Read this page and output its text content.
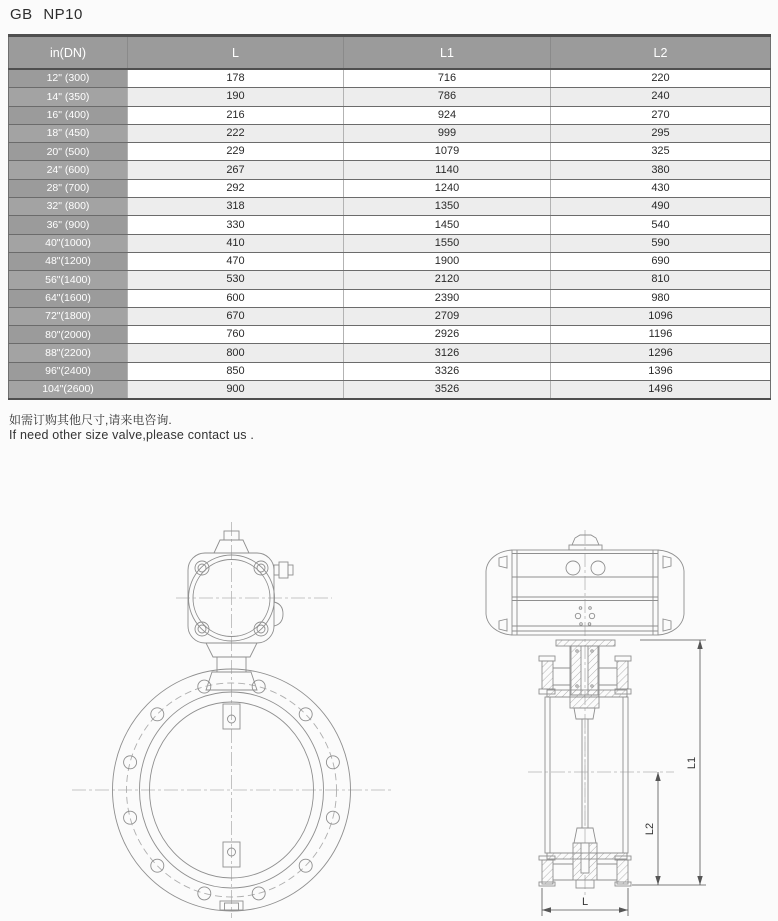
GB NP10
in(DN)	L	L1	L2
12" (300)	178	716	220
14" (350)	190	786	240
16" (400)	216	924	270
18" (450)	222	999	295
20" (500)	229	1079	325
24" (600)	267	1140	380
28" (700)	292	1240	430
32" (800)	318	1350	490
36" (900)	330	1450	540
40"(1000)	410	1550	590
48"(1200)	470	1900	690
56"(1400)	530	2120	810
64"(1600)	600	2390	980
72"(1800)	670	2709	1096
80"(2000)	760	2926	1196
88"(2200)	800	3126	1296
96"(2400)	850	3326	1396
104"(2600)	900	3526	1496
如需订购其他尺寸,请来电咨询.
If need other size valve,please contact us .
L1
L2
L
